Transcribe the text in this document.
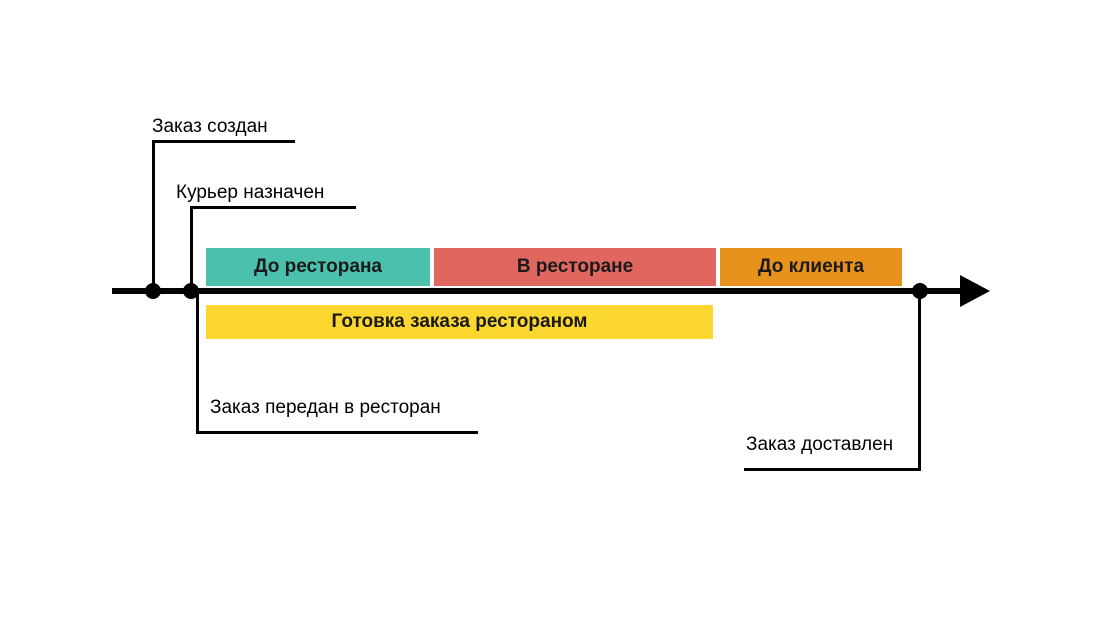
Заказ создан
Курьер назначен
Заказ передан в ресторан
Заказ доставлен
До ресторана	В ресторане	До клиента
Готовка заказа рестораном
